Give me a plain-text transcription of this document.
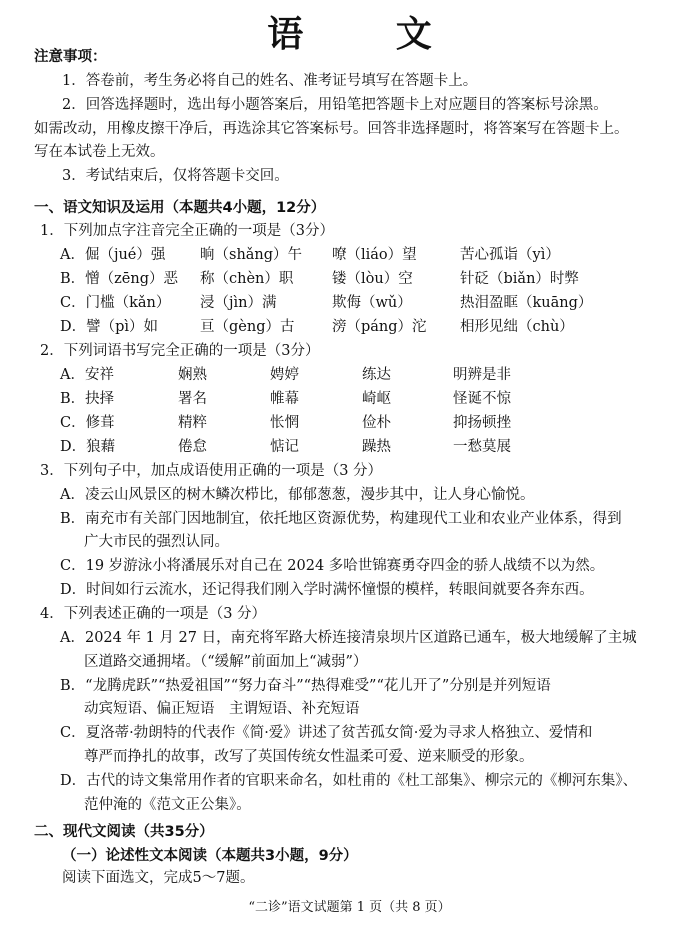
语 文
注意事项：
1．答卷前，考生务必将自己的姓名、准考证号填写在答题卡上。
2．回答选择题时，选出每小题答案后，用铅笔把答题卡上对应题目的答案标号涂黑。
如需改动，用橡皮擦干净后，再选涂其它答案标号。回答非选择题时，将答案写在答题卡上。
写在本试卷上无效。
3．考试结束后，仅将答题卡交回。
一、语文知识及运用（本题共4小题，12分）
1．下列加点字注音完全正确的一项是（3分）
A．倔（jué）强 晌（shǎng）午 嘹（liáo）望	苦心孤诣（yì）
B．憎（zēng）恶 称（chèn）职	镂（lòu）空	针砭（biǎn）时弊
C．门槛（kǎn） 浸（jìn）满	欺侮（wǔ）	热泪盈眶（kuāng）
D．譬（pì）如	亘（gèng）古	滂（páng）沱 相形见绌（chù）
2．下列词语书写完全正确的一项是（3分）
A．安祥	娴熟	娉婷	练达	明辨是非
B．抉择	署名	帷幕	崎岖	怪诞不惊
C．修葺	精粹	怅惘	俭朴	抑扬顿挫
D．狼藉	倦怠	惦记	躁热	一愁莫展
3．下列句子中，加点成语使用正确的一项是（3 分）
A．凌云山风景区的树木鳞次栉比，郁郁葱葱，漫步其中，让人身心愉悦。
B．南充市有关部门因地制宜，依托地区资源优势，构建现代工业和农业产业体系，得到
广大市民的强烈认同。
C．19 岁游泳小将潘展乐对自己在 2024 多哈世锦赛勇夺四金的骄人战绩不以为然。
D．时间如行云流水，还记得我们刚入学时满怀憧憬的模样，转眼间就要各奔东西。
4．下列表述正确的一项是（3 分）
A．2024 年 1 月 27 日，南充将军路大桥连接清泉坝片区道路已通车，极大地缓解了主城
区道路交通拥堵。（“缓解”前面加上“减弱”）
B．“龙腾虎跃”“热爱祖国”“努力奋斗”“热得难受”“花儿开了”分别是并列短语
动宾短语、偏正短语　主谓短语、补充短语
C．夏洛蒂·勃朗特的代表作《简·爱》讲述了贫苦孤女简·爱为寻求人格独立、爱情和
尊严而挣扎的故事，改写了英国传统女性温柔可爱、逆来顺受的形象。
D．古代的诗文集常用作者的官职来命名，如杜甫的《杜工部集》、柳宗元的《柳河东集》、
范仲淹的《范文正公集》。
二、现代文阅读（共35分）
（一）论述性文本阅读（本题共3小题，9分）
阅读下面选文，完成5～7题。
“二诊”语文试题第 1 页（共 8 页）
